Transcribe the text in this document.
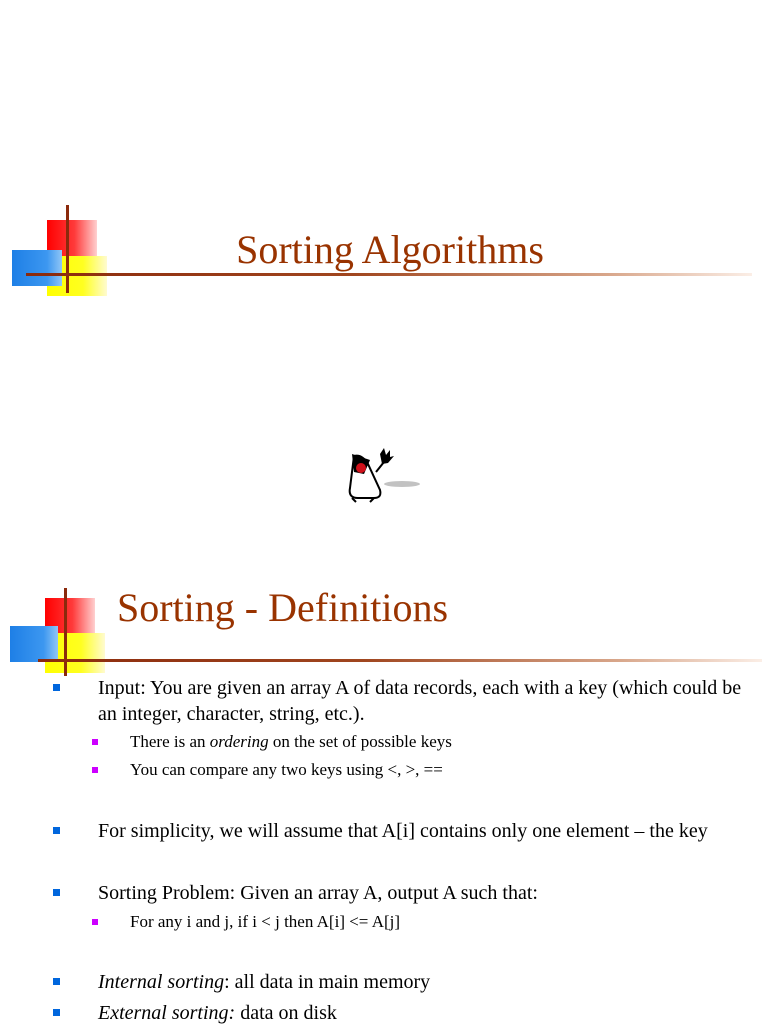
Sorting Algorithms
Sorting - Definitions
Input: You are given an array A of data records, each with a key (which could be an integer, character, string, etc.).
There is an ordering on the set of possible keys
You can compare any two keys using <, >, ==
For simplicity, we will assume that A[i] contains only one element – the key
Sorting Problem: Given an array A, output A such that:
For any i and j, if i < j then A[i] <= A[j]
Internal sorting: all data in main memory
External sorting: data on disk
